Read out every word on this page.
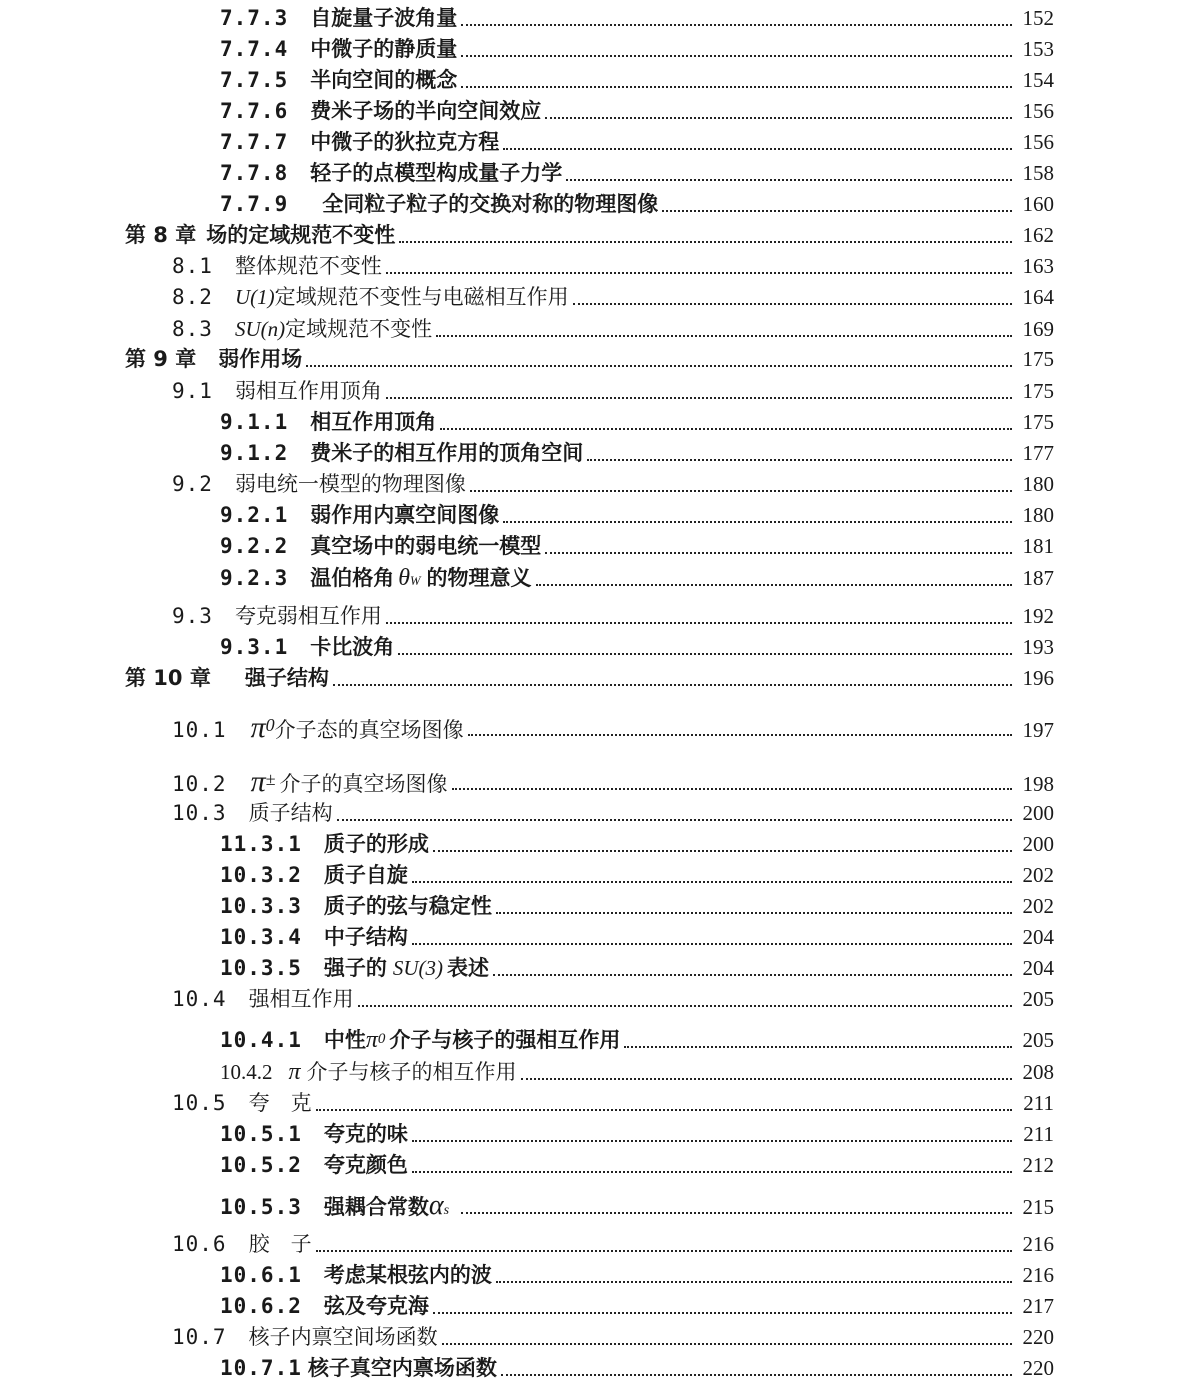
7.7.3 自旋量子波角量	152
7.7.4 中微子的静质量	153
7.7.5 半向空间的概念	154
7.7.6 费米子场的半向空间效应	156
7.7.7 中微子的狄拉克方程	156
7.7.8 轻子的点模型构成量子力学	158
7.7.9 全同粒子粒子的交换对称的物理图像	160
第 8 章 场的定域规范不变性	162
8.1 整体规范不变性	163
8.2 U(1) 定域规范不变性与电磁相互作用	164
8.3 SU(n) 定域规范不变性	169
第 9 章 弱作用场	175
9.1 弱相互作用顶角	175
9.1.1 相互作用顶角	175
9.1.2 费米子的相互作用的顶角空间	177
9.2 弱电统一模型的物理图像	180
9.2.1 弱作用内禀空间图像	180
9.2.2 真空场中的弱电统一模型	181
9.2.3 温伯格角 θ W 的物理意义	187
9.3 夸克弱相互作用	192
9.3.1 卡比波角	193
第 10 章 强子结构	196
10.1 $\pi^0$ 介子态的真空场图像	197
10.2 π± 介子的真空场图像	198
10.3 质子结构	200
11.3.1 质子的形成	200
10.3.2 质子自旋	202
10.3.3 质子的弦与稳定性	202
10.3.4 中子结构	204
10.3.5 强子的 SU(3) 表述	204
10.4 强相互作用	205
10.4.1 中性 $\pi^0$ 介子与核子的强相互作用	205
10.4.2 π 介子与核子的相互作用	208
10.5 夸　克	211
10.5.1 夸克的味	211
10.5.2 夸克颜色	212
10.5.3 强耦合常数 α s	215
10.6 胶　子	216
10.6.1 考虑某根弦内的波	216
10.6.2 弦及夸克海	217
10.7 核子内禀空间场函数	220
10.7.1 核子真空内禀场函数	220
